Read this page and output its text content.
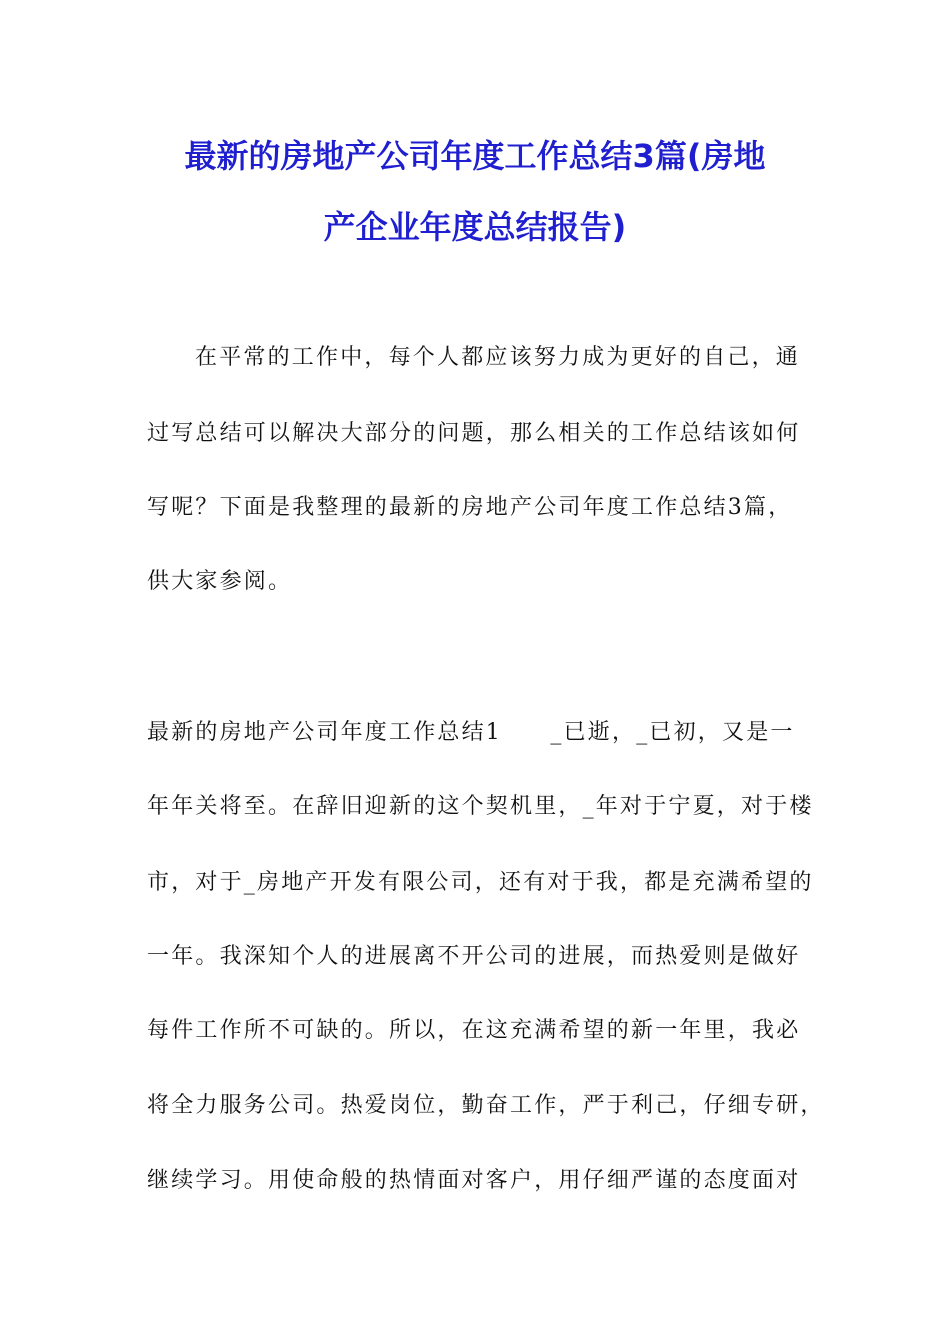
最新的房地产公司年度工作总结3篇(房地
产企业年度总结报告)
在平常的工作中，每个人都应该努力成为更好的自己，通
过写总结可以解决大部分的问题，那么相关的工作总结该如何
写呢？下面是我整理的最新的房地产公司年度工作总结3篇，
供大家参阅。
最新的房地产公司年度工作总结1　　_已逝，_已初，又是一
年年关将至。在辞旧迎新的这个契机里，_年对于宁夏，对于楼
市，对于_房地产开发有限公司，还有对于我，都是充满希望的
一年。我深知个人的进展离不开公司的进展，而热爱则是做好
每件工作所不可缺的。所以，在这充满希望的新一年里，我必
将全力服务公司。热爱岗位，勤奋工作，严于利己，仔细专研，
继续学习。用使命般的热情面对客户，用仔细严谨的态度面对
